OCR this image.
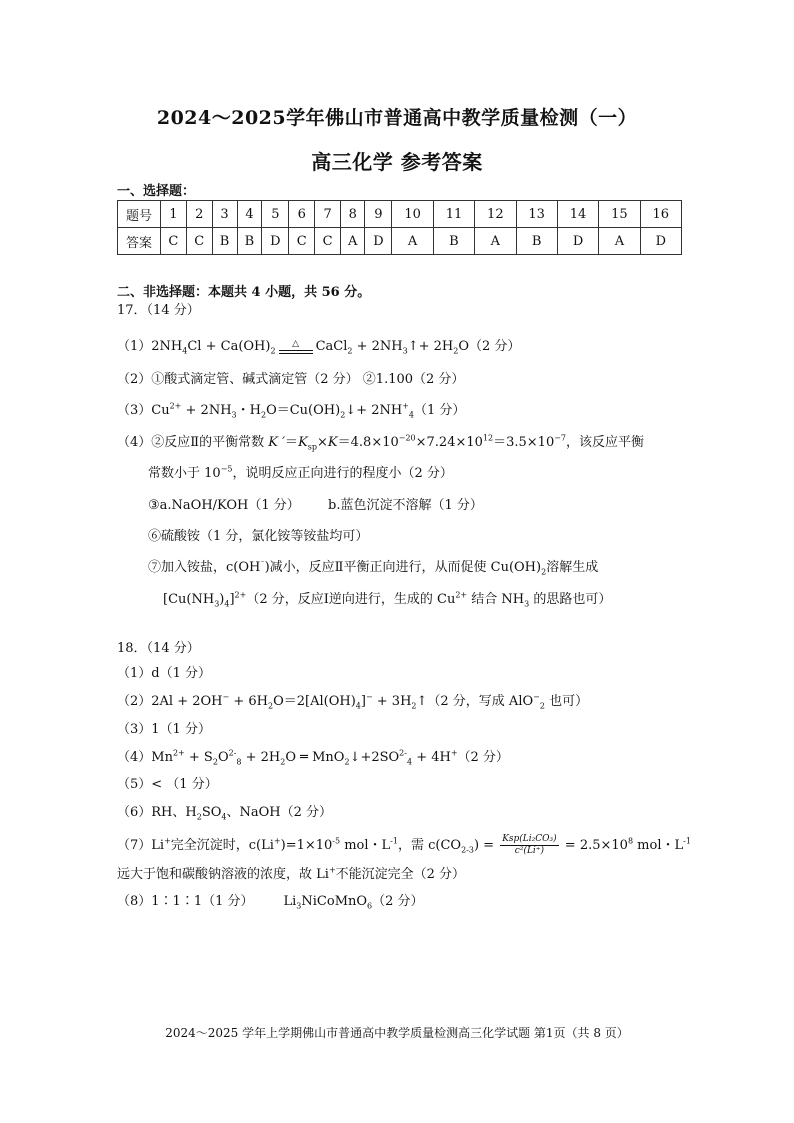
2024～2025学年佛山市普通高中教学质量检测（一）
高三化学 参考答案
一、选择题：
题号	1	2	3	4	5	6	7	8	9	10	11	12	13	14	15	16
答案	C	C	B	B	D	C	C	A	D	A	B	A	B	D	A	D
二、非选择题：本题共 4 小题，共 56 分。
17．（14 分）
$(1)2NH_4Cl + Ca(OH)_2$
△	CaCl$_2$ + $2NH_3↑+ 2H_2O(2$ 分）
（2）①酸式滴定管、碱式滴定管（2 分） ②1.100（2 分）
$(3)Cu^{2+} + 2NH_3$・$H_2O=Cu(OH)_2↓+ 2NH^+_4(1$ 分）
（4）②反应Ⅱ的平衡常数 K $'=K_{sp}\times K=4.8\times 10^{-20}\times 7.24\times 10^{12}=3.5\times 10^{-7}$，该反应平衡
常数小于 $10^{-5}$，说明反应正向进行的程度小（2 分）
③a.NaOH/KOH（1 分） b.蓝色沉淀不溶解（1 分）
⑥硫酸铵（1 分，氯化铵等铵盐均可）
⑦加入铵盐，c(OH⁻)减小，反应Ⅱ平衡正向进行，从而促使 $Cu(OH)_2$溶解生成
$[Cu(NH_3)_4]^{2+}(2$ 分，反应Ⅰ逆向进行，生成的 $Cu^{2+}$ 结合 $NH_3$ 的思路也可）
18．（14 分）
（1）d（1 分）
$(2)2Al + 2OH^- + 6H_2O=2[Al(OH)_4]^-$ + $3H_2↑(2$ 分，写成 AlO−$_2$ 也可）
（3）1（1 分）
$(4)Mn^{2+} + S_2O^{2-}_8 + 2H_2O$ ═ $MnO_2↓+2SO^{2-}_4 + 4H^+(2$ 分）
（5）< （1 分）
（6）RH、$H_2SO_4$、NaOH（2 分）
（7）Li+完全沉淀时，$c(Li^+)=1\times 10^{-5}$ mol・$L^{-1}$，需 $c(CO_{2-3}) = \frac{\text{Ksp(Li₂CO₃)}}{\text{c²(Li⁺)}} = 2.5\times 10^8$ mol・$L^{-1}$
远大于饱和碳酸钠溶液的浓度，故 Li+不能沉淀完全（2 分）
（8）1∶1∶1（1 分） $Li_3NiCoMnO_6(2$ 分）
2024～2025 学年上学期佛山市普通高中教学质量检测高三化学试题 第1页（共 8 页）
